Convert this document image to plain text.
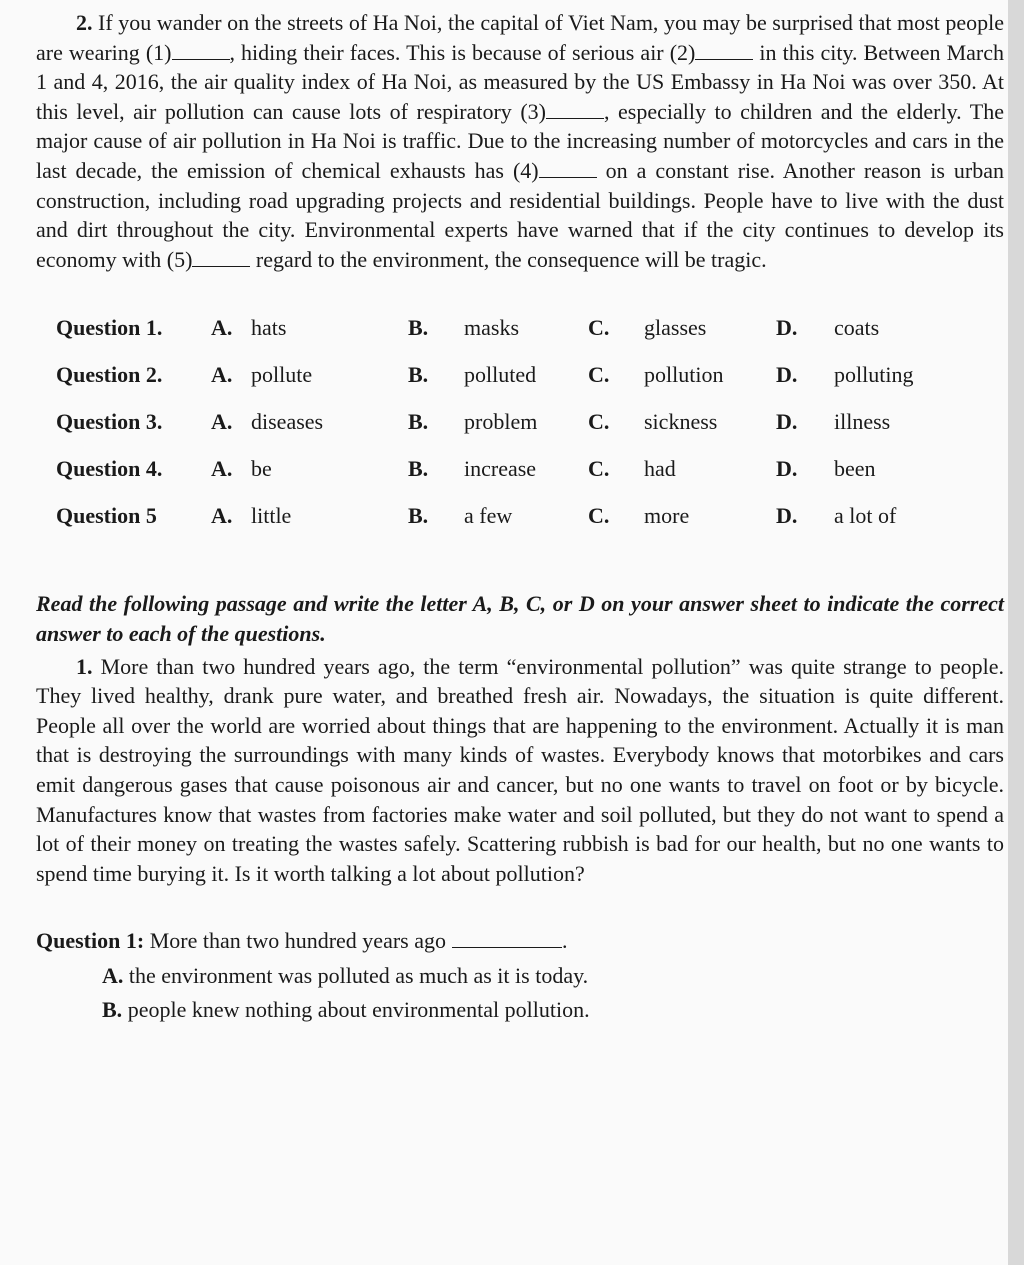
2. If you wander on the streets of Ha Noi, the capital of Viet Nam, you may be surprised that most people are wearing (1)	, hiding their faces. This is because of serious air (2)	in this city. Between March 1 and 4, 2016, the air quality index of Ha Noi, as measured by the US Embassy in Ha Noi was over 350. At this level, air pollution can cause lots of respiratory (3)	, especially to children and the elderly. The major cause of air pollution in Ha Noi is traffic. Due to the increasing number of motorcycles and cars in the last decade, the emission of chemical exhausts has (4)	on a constant rise. Another reason is urban construction, including road upgrading projects and residential buildings. People have to live with the dust and dirt throughout the city. Environmental experts have warned that if the city continues to develop its economy with (5)	regard to the environment, the consequence will be tragic.

Question 1.	A. hats	B.	masks	C.	glasses	D.	coats
Question 2.	A. pollute	B.	polluted C.	pollution D.	polluting
Question 3.	A. diseases	B.	problem C.	sickness	D.	illness
Question 4.	A. be	B.	increase C.	had	D.	been
Question 5	A. little	B.	a few	C.	more	D.	a lot of

Read the following passage and write the letter A, B, C, or D on your answer sheet to indicate the correct answer to each of the questions.

1. More than two hundred years ago, the term “environmental pollution” was quite strange to people. They lived healthy, drank pure water, and breathed fresh air. Nowadays, the situation is quite different. People all over the world are worried about things that are happening to the environment. Actually it is man that is destroying the surroundings with many kinds of wastes. Everybody knows that motorbikes and cars emit dangerous gases that cause poisonous air and cancer, but no one wants to travel on foot or by bicycle. Manufactures know that wastes from factories make water and soil polluted, but they do not want to spend a lot of their money on treating the wastes safely. Scattering rubbish is bad for our health, but no one wants to spend time burying it. Is it worth talking a lot about pollution?

Question 1: More than two hundred years ago	.

A. the environment was polluted as much as it is today.

B. people knew nothing about environmental pollution.
